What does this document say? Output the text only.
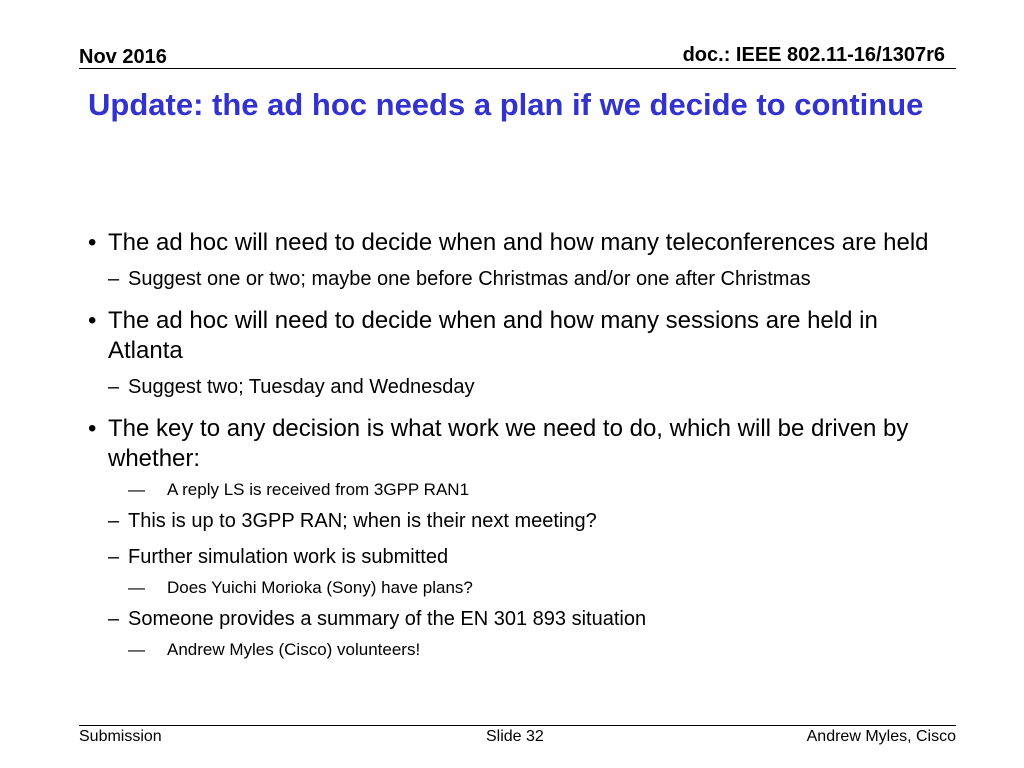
Nov 2016	doc.: IEEE 802.11-16/1307r6
Update: the ad hoc needs a plan if we decide to continue
• The ad hoc will need to decide when and how many teleconferences are held
– Suggest one or two; maybe one before Christmas and/or one after Christmas
• The ad hoc will need to decide when and how many sessions are held in Atlanta
– Suggest two; Tuesday and Wednesday
• The key to any decision is what work we need to do, which will be driven by whether:
— A reply LS is received from 3GPP RAN1
– This is up to 3GPP RAN; when is their next meeting?
– Further simulation work is submitted
— Does Yuichi Morioka (Sony) have plans?
– Someone provides a summary of the EN 301 893 situation
— Andrew Myles (Cisco) volunteers!
Submission	Slide 32	Andrew Myles, Cisco
